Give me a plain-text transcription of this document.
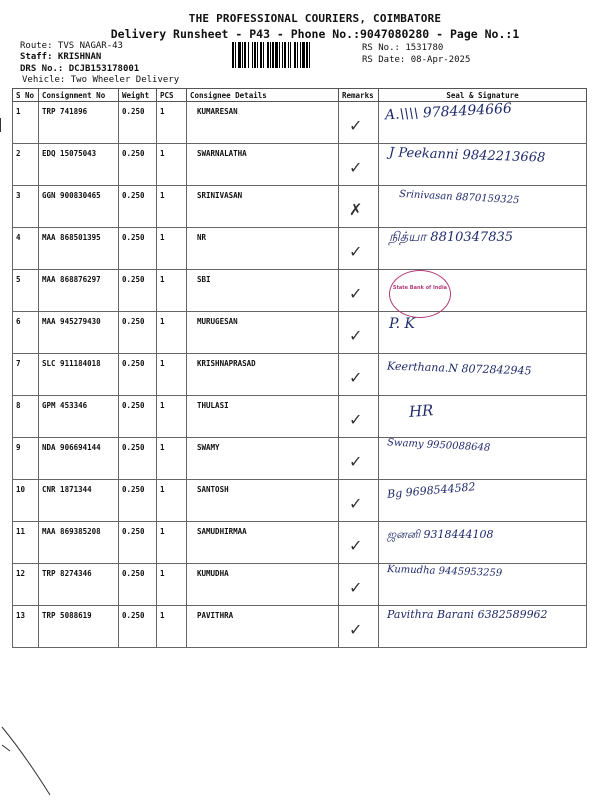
THE PROFESSIONAL COURIERS, COIMBATORE
Delivery Runsheet - P43 - Phone No.:9047080280 - Page No.:1
Route: TVS NAGAR-43
Staff: KRISHNAN
DRS No.: DCJB153178001
Vehicle: Two Wheeler Delivery
RS No.: 1531780
RS Date: 08-Apr-2025
S No	Consignment No	Weight	PCS	Consignee Details	Remarks	Seal & Signature
1	TRP 741896	0.250	1	KUMARESAN	✓	A.\\\\ 9784494666

2	EDQ 15075043	0.250	1	SWARNALATHA	✓	J Peekanni 9842213668

3	GGN 900830465	0.250	1	SRINIVASAN	✗	Srinivasan 8870159325

4	MAA 868501395	0.250	1	NR	✓	நித்யா 8810347835

5	MAA 868876297	0.250	1	SBI	✓	State Bank of India

6	MAA 945279430	0.250	1	MURUGESAN	✓	P. K

7	SLC 911184018	0.250	1	KRISHNAPRASAD	✓	Keerthana.N 8072842945

8	GPM 453346	0.250	1	THULASI	✓	HR

9	NDA 906694144	0.250	1	SWAMY	✓	Swamy 9950088648

10	CNR 1871344	0.250	1	SANTOSH	✓	Bg 9698544582

11	MAA 869385208	0.250	1	SAMUDHIRMAA	✓	ஜனனி 9318444108

12	TRP 8274346	0.250	1	KUMUDHA	✓	Kumudha 9445953259

13	TRP 5088619	0.250	1	PAVITHRA	✓	Pavithra Barani 6382589962
